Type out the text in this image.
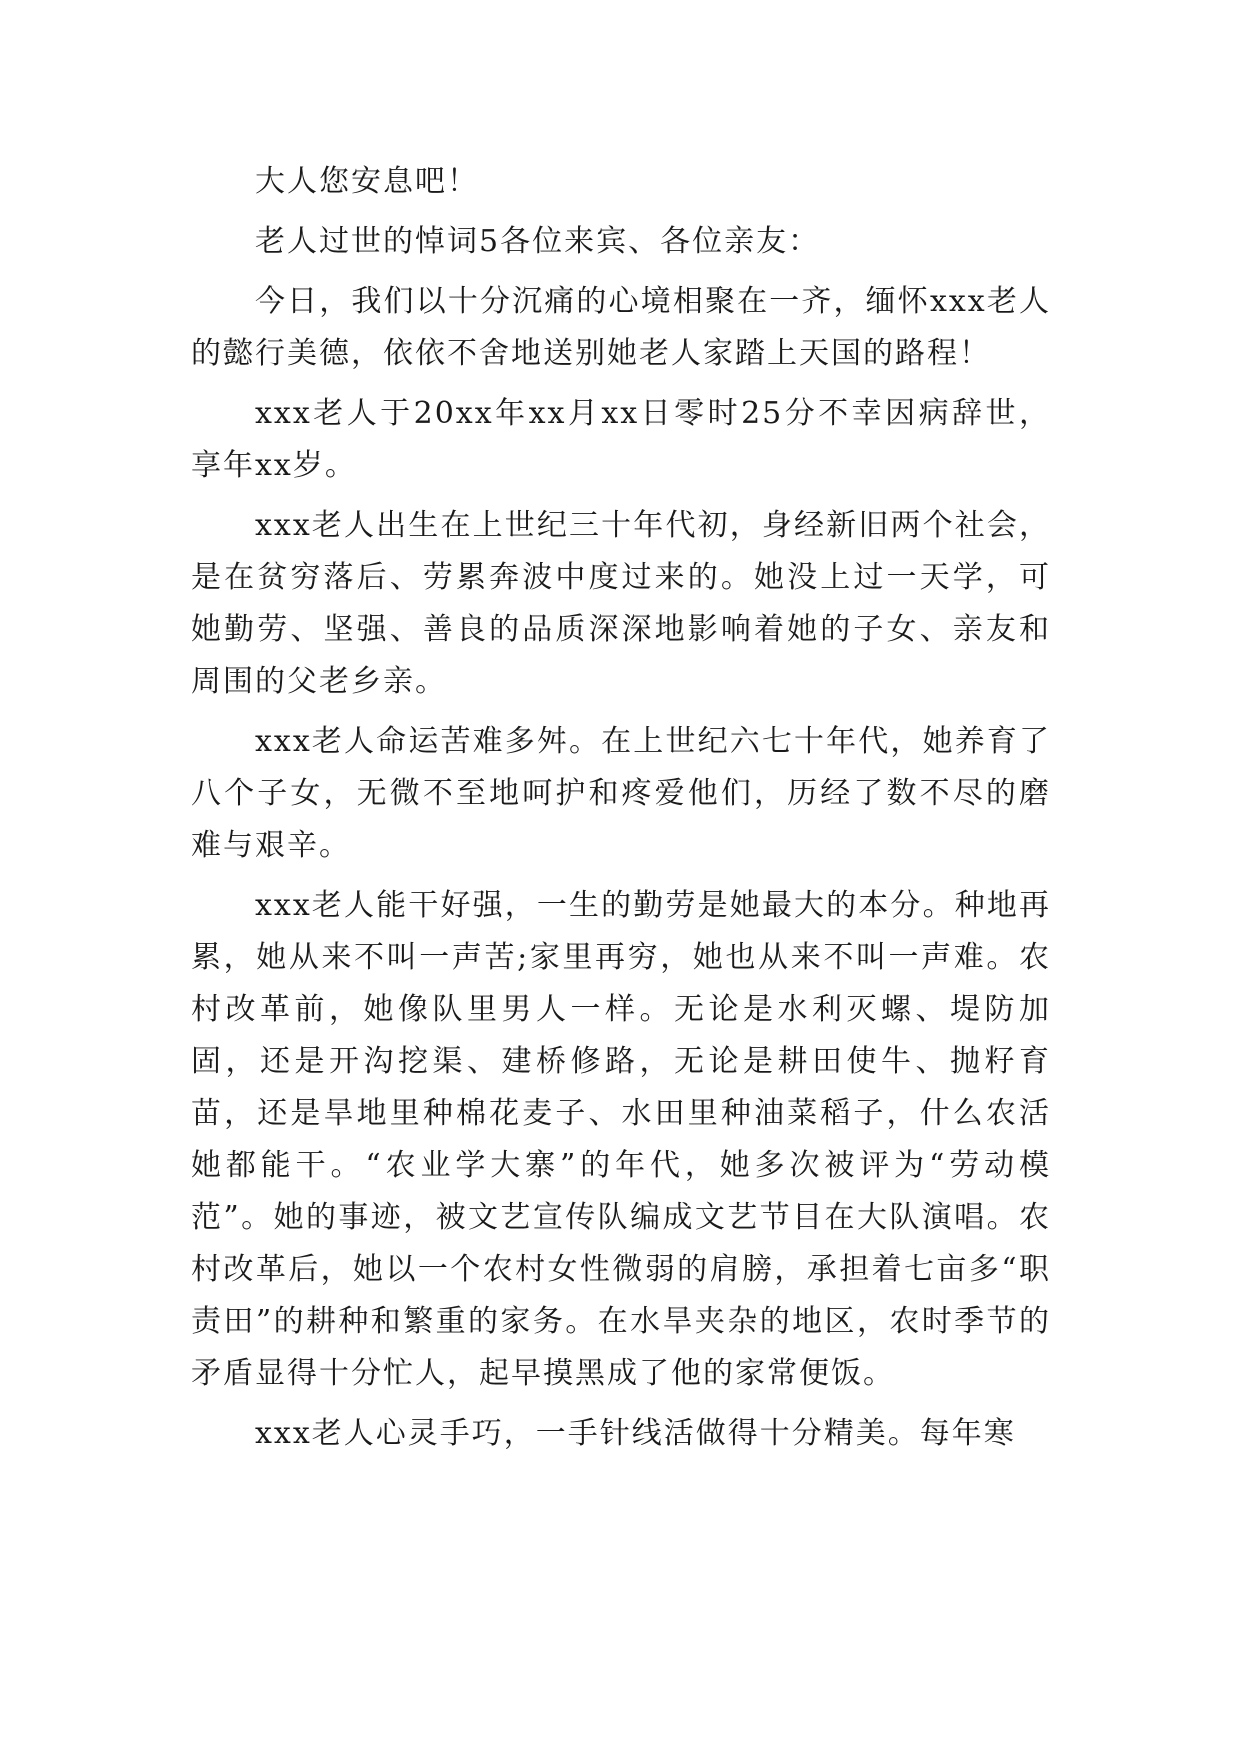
大人您安息吧！

老人过世的悼词5各位来宾、各位亲友：

今日，我们以十分沉痛的心境相聚在一齐，缅怀xxx老人的懿行美德，依依不舍地送别她老人家踏上天国的路程！

xxx老人于20xx年xx月xx日零时25分不幸因病辞世，享年xx岁。

xxx老人出生在上世纪三十年代初，身经新旧两个社会，是在贫穷落后、劳累奔波中度过来的。她没上过一天学，可她勤劳、坚强、善良的品质深深地影响着她的子女、亲友和周围的父老乡亲。

xxx老人命运苦难多舛。在上世纪六七十年代，她养育了八个子女，无微不至地呵护和疼爱他们，历经了数不尽的磨难与艰辛。

xxx老人能干好强，一生的勤劳是她最大的本分。种地再累，她从来不叫一声苦;家里再穷，她也从来不叫一声难。农村改革前，她像队里男人一样。无论是水利灭螺、堤防加固，还是开沟挖渠、建桥修路，无论是耕田使牛、抛籽育苗，还是旱地里种棉花麦子、水田里种油菜稻子，什么农活她都能干。“农业学大寨”的年代，她多次被评为“劳动模范”。她的事迹，被文艺宣传队编成文艺节目在大队演唱。农村改革后，她以一个农村女性微弱的肩膀，承担着七亩多“职责田”的耕种和繁重的家务。在水旱夹杂的地区，农时季节的矛盾显得十分忙人，起早摸黑成了他的家常便饭。

xxx老人心灵手巧，一手针线活做得十分精美。每年寒
